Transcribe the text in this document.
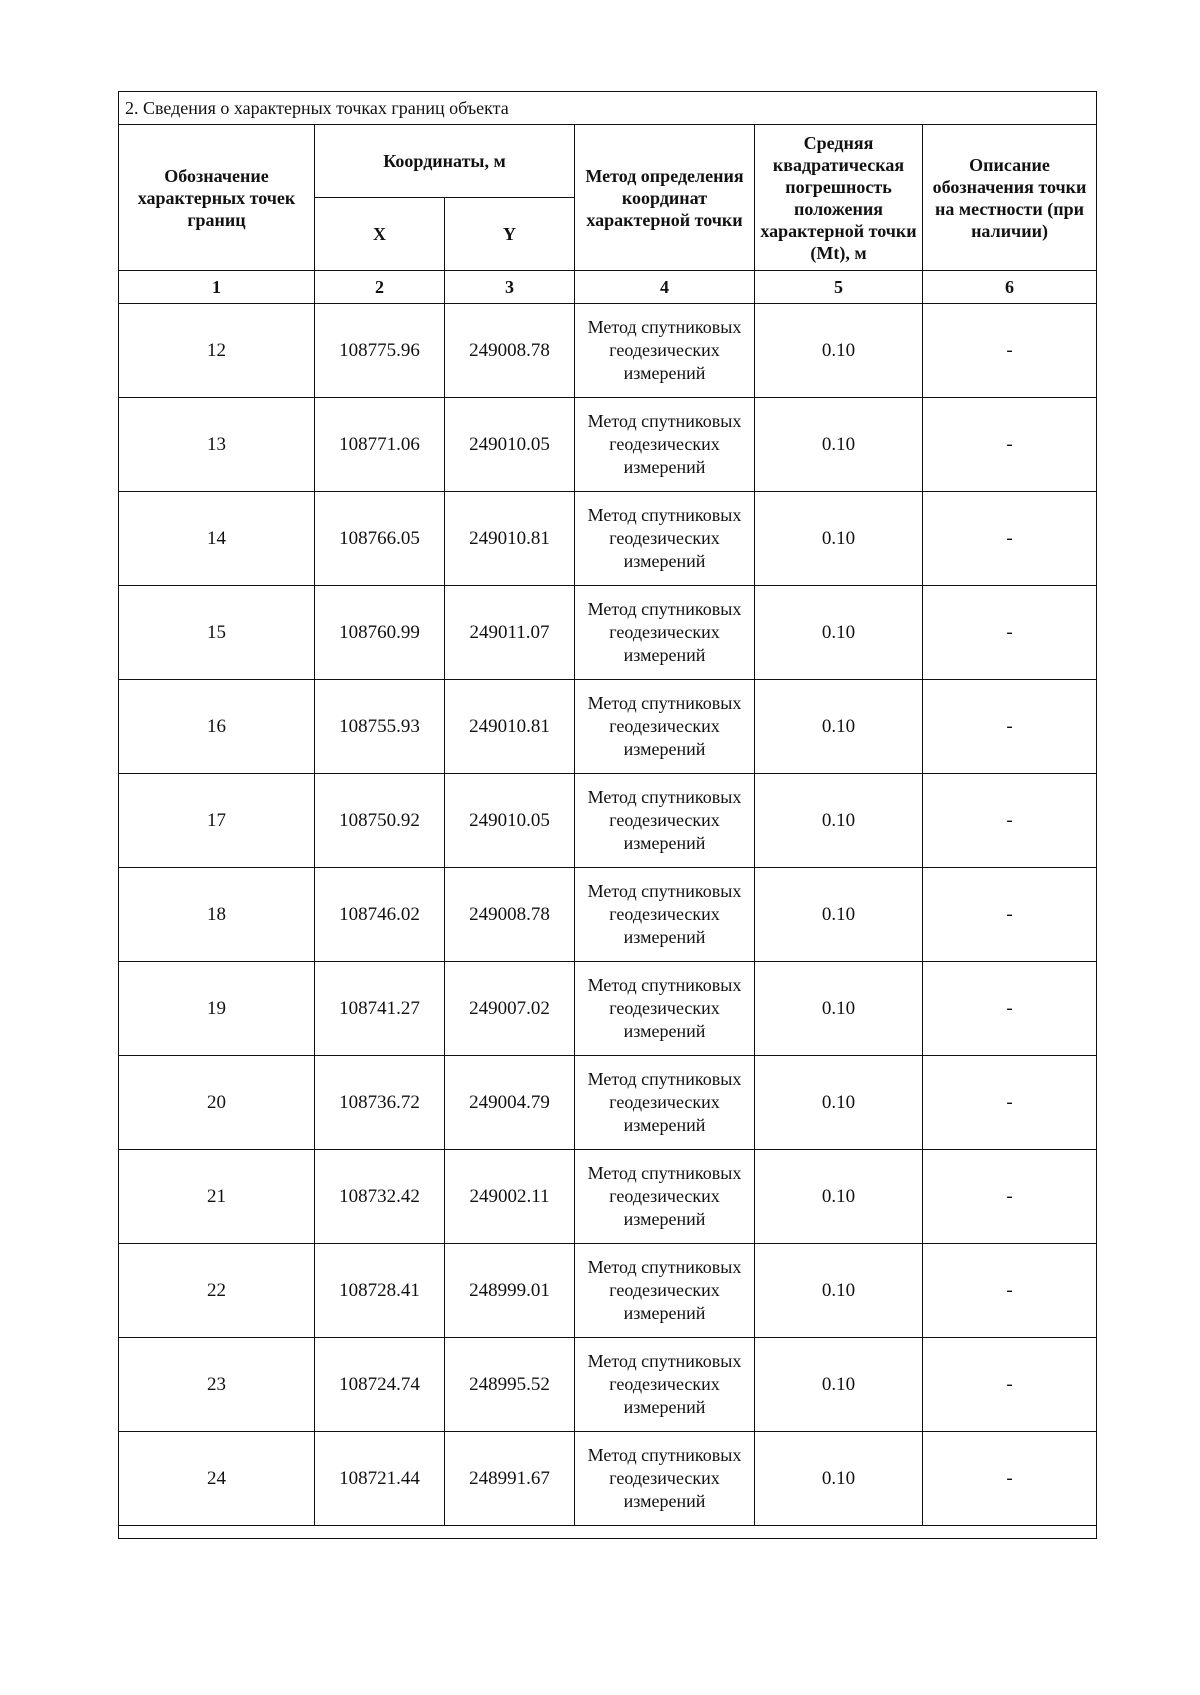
2. Сведения о характерных точках границ объекта					
Обозначение характерных точек границ	Координаты, м		Метод определения координат характерной точки	Средняя квадратическая погрешность положения характерной точки (Mt), м	Описание обозначения точки на местности (при наличии)
	X	Y			
1	2	3	4	5	6
12	108775.96	249008.78	Метод спутниковых геодезических измерений	0.10	-
13	108771.06	249010.05	Метод спутниковых геодезических измерений	0.10	-
14	108766.05	249010.81	Метод спутниковых геодезических измерений	0.10	-
15	108760.99	249011.07	Метод спутниковых геодезических измерений	0.10	-
16	108755.93	249010.81	Метод спутниковых геодезических измерений	0.10	-
17	108750.92	249010.05	Метод спутниковых геодезических измерений	0.10	-
18	108746.02	249008.78	Метод спутниковых геодезических измерений	0.10	-
19	108741.27	249007.02	Метод спутниковых геодезических измерений	0.10	-
20	108736.72	249004.79	Метод спутниковых геодезических измерений	0.10	-
21	108732.42	249002.11	Метод спутниковых геодезических измерений	0.10	-
22	108728.41	248999.01	Метод спутниковых геодезических измерений	0.10	-
23	108724.74	248995.52	Метод спутниковых геодезических измерений	0.10	-
24	108721.44	248991.67	Метод спутниковых геодезических измерений	0.10	-
